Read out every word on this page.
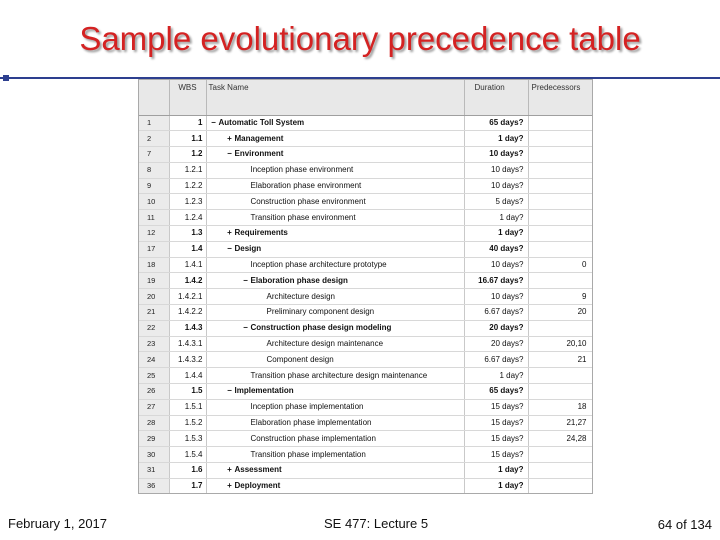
Sample evolutionary precedence table
	WBS	Task Name	Duration	Predecessors
1	1	− Automatic Toll System	65 days?	
2	1.1	+ Management	1 day?	
7	1.2	− Environment	10 days?	
8	1.2.1	Inception phase environment	10 days?	
9	1.2.2	Elaboration phase environment	10 days?	
10	1.2.3	Construction phase environment	5 days?	
11	1.2.4	Transition phase environment	1 day?	
12	1.3	+ Requirements	1 day?	
17	1.4	− Design	40 days?	
18	1.4.1	Inception phase architecture prototype	10 days?	0
19	1.4.2	− Elaboration phase design	16.67 days?	
20	1.4.2.1	Architecture design	10 days?	9
21	1.4.2.2	Preliminary component design	6.67 days?	20
22	1.4.3	− Construction phase design modeling	20 days?	
23	1.4.3.1	Architecture design maintenance	20 days?	20,10
24	1.4.3.2	Component design	6.67 days?	21
25	1.4.4	Transition phase architecture design maintenance	1 day?	
26	1.5	− Implementation	65 days?	
27	1.5.1	Inception phase implementation	15 days?	18
28	1.5.2	Elaboration phase implementation	15 days?	21,27
29	1.5.3	Construction phase implementation	15 days?	24,28
30	1.5.4	Transition phase implementation	15 days?	
31	1.6	+ Assessment	1 day?	
36	1.7	+ Deployment	1 day?	
February 1, 2017	SE 477: Lecture 5	64 of 134
